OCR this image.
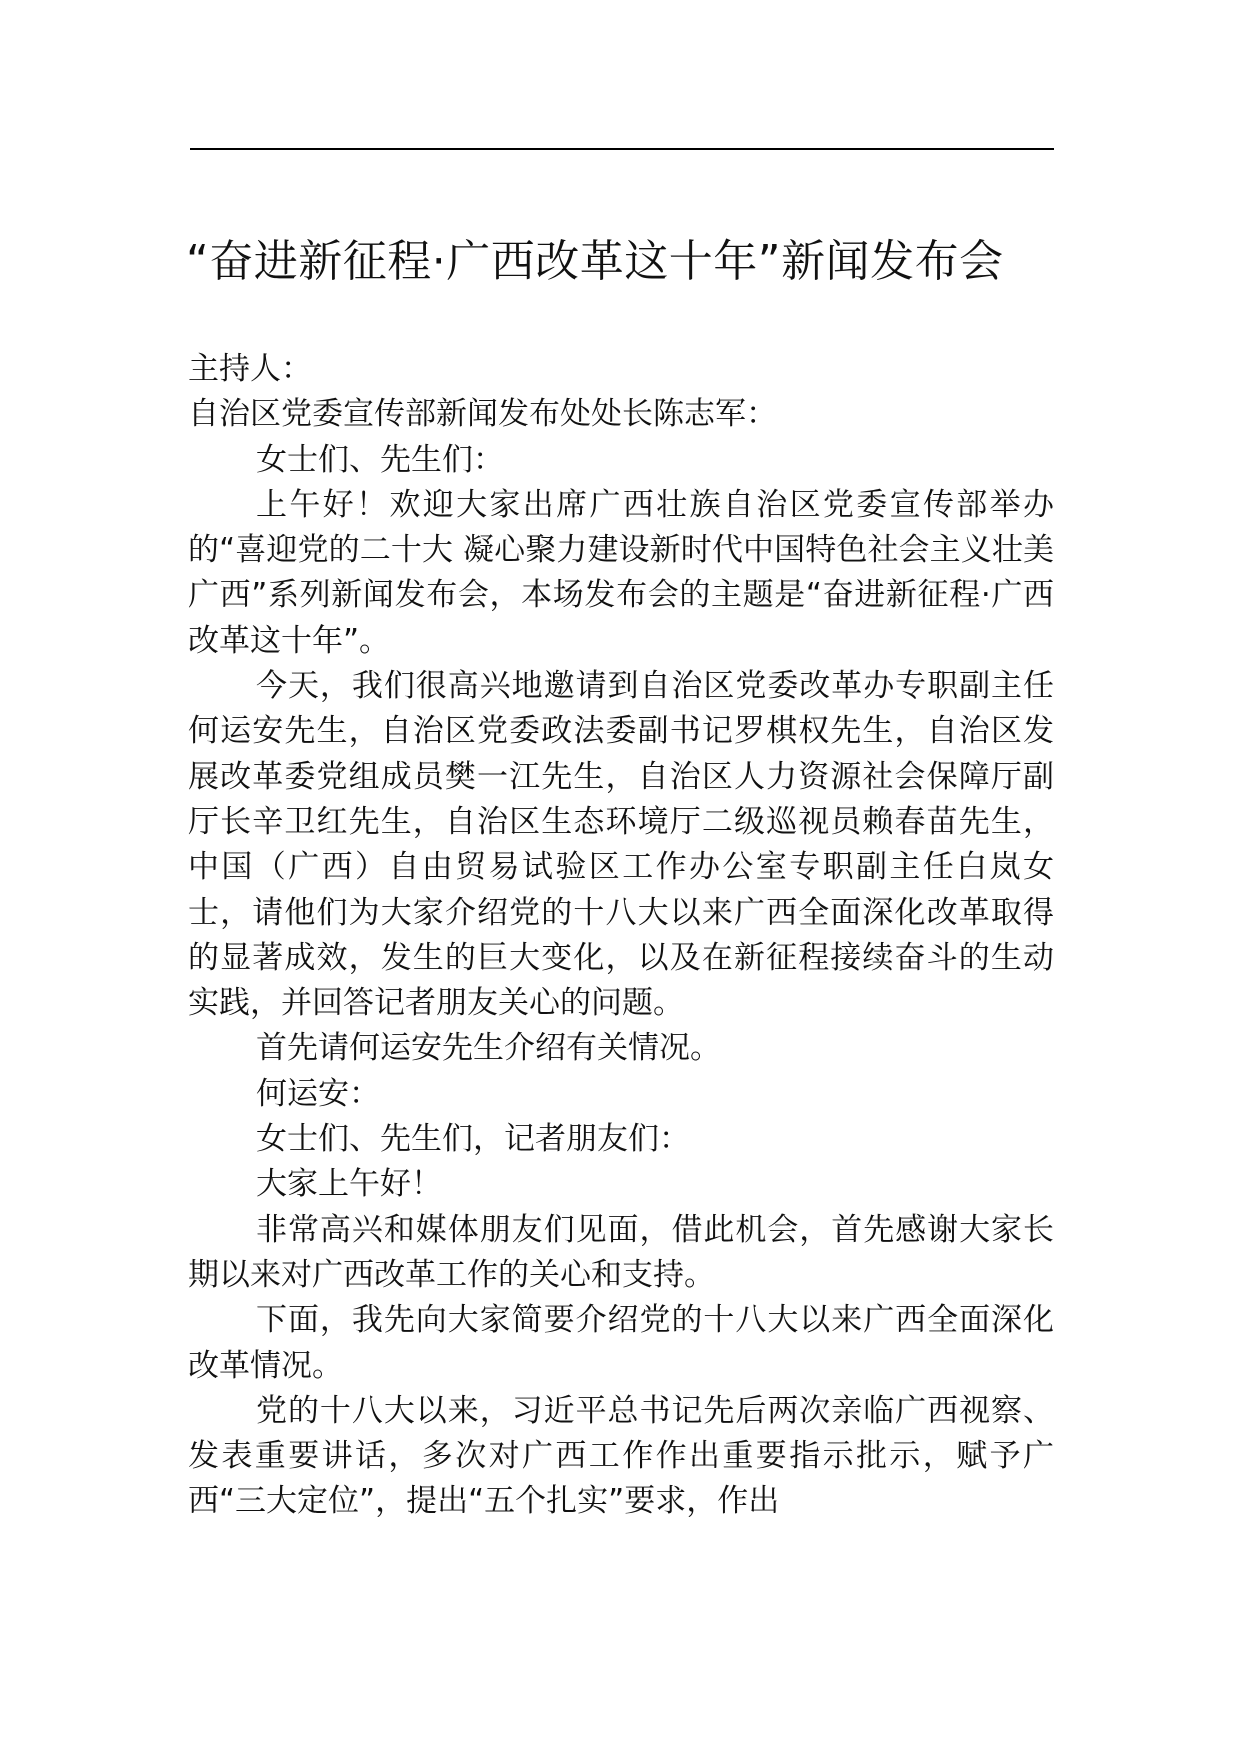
“奋进新征程·广西改革这十年”新闻发布会

主持人：

自治区党委宣传部新闻发布处处长陈志军：

女士们、先生们：

上午好！欢迎大家出席广西壮族自治区党委宣传部举办的“喜迎党的二十大 凝心聚力建设新时代中国特色社会主义壮美广西”系列新闻发布会，本场发布会的主题是“奋进新征程·广西改革这十年”。

今天，我们很高兴地邀请到自治区党委改革办专职副主任何运安先生，自治区党委政法委副书记罗棋权先生，自治区发展改革委党组成员樊一江先生，自治区人力资源社会保障厅副厅长辛卫红先生，自治区生态环境厅二级巡视员赖春苗先生，中国（广西）自由贸易试验区工作办公室专职副主任白岚女士，请他们为大家介绍党的十八大以来广西全面深化改革取得的显著成效，发生的巨大变化，以及在新征程接续奋斗的生动实践，并回答记者朋友关心的问题。

首先请何运安先生介绍有关情况。

何运安：

女士们、先生们，记者朋友们：

大家上午好！

非常高兴和媒体朋友们见面，借此机会，首先感谢大家长期以来对广西改革工作的关心和支持。

下面，我先向大家简要介绍党的十八大以来广西全面深化改革情况。

党的十八大以来，习近平总书记先后两次亲临广西视察、发表重要讲话，多次对广西工作作出重要指示批示，赋予广西“三大定位”，提出“五个扎实”要求，作出
